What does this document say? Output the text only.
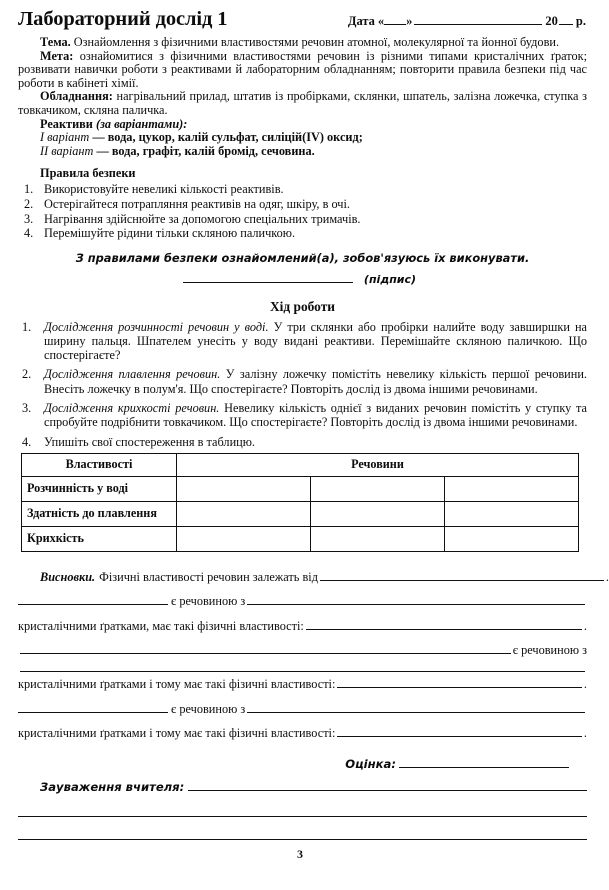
Лабораторний дослід 1	Дата « »	20 р.

Тема. Ознайомлення з фізичними властивостями речовин атомної, молекулярної та йонної будови.

Мета: ознайомитися з фізичними властивостями речовин із різними типами кристалічних ґраток; розвивати навички роботи з реактивами й лабораторним обладнанням; повторити правила безпеки під час роботи в кабінеті хімії.

Обладнання: нагрівальний прилад, штатив із пробірками, склянки, шпатель, залізна ложечка, ступка з товкачиком, скляна паличка.

Реактиви (за варіантами):

I варіант — вода, цукор, калій сульфат, силіцій(IV) оксид;

II варіант — вода, графіт, калій бромід, сечовина.

Правила безпеки
1. Використовуйте невеликі кількості реактивів.
2. Остерігайтеся потрапляння реактивів на одяг, шкіру, в очі.
3. Нагрівання здійснюйте за допомогою спеціальних тримачів.
4. Перемішуйте рідини тільки скляною паличкою.
З правилами безпеки ознайомлений(а), зобов'язуюсь їх виконувати.
(підпис)
Хід роботи
1.	Дослідження розчинності речовин у воді. У три склянки або пробірки налийте воду завширшки на ширину пальця. Шпателем унесіть у воду видані реактиви. Перемішайте скляною паличкою. Що спостерігаєте?
2.	Дослідження плавлення речовин. У залізну ложечку помістіть невелику кількість першої речовини. Внесіть ложечку в полум'я. Що спостерігаєте? Повторіть дослід із двома іншими речовинами.
3.	Дослідження крихкості речовин. Невелику кількість однієї з виданих речовин помістіть у ступку та спробуйте подрібнити товкачиком. Що спостерігаєте? Повторіть дослід із двома іншими речовинами.
4.	Упишіть свої спостереження в таблицю.
Властивості	Речовини		
Розчинність у воді			
Здатність до плавлення			
Крихкість			
Висновки. Фізичні властивості речовин залежать від	.
є речовиною з
кристалічними ґратками, має такі фізичні властивості:	.
є речовиною з
кристалічними ґратками і тому має такі фізичні властивості:	.
є речовиною з
кристалічними ґратками і тому має такі фізичні властивості:	.
Оцінка:
Зауваження вчителя:
3
